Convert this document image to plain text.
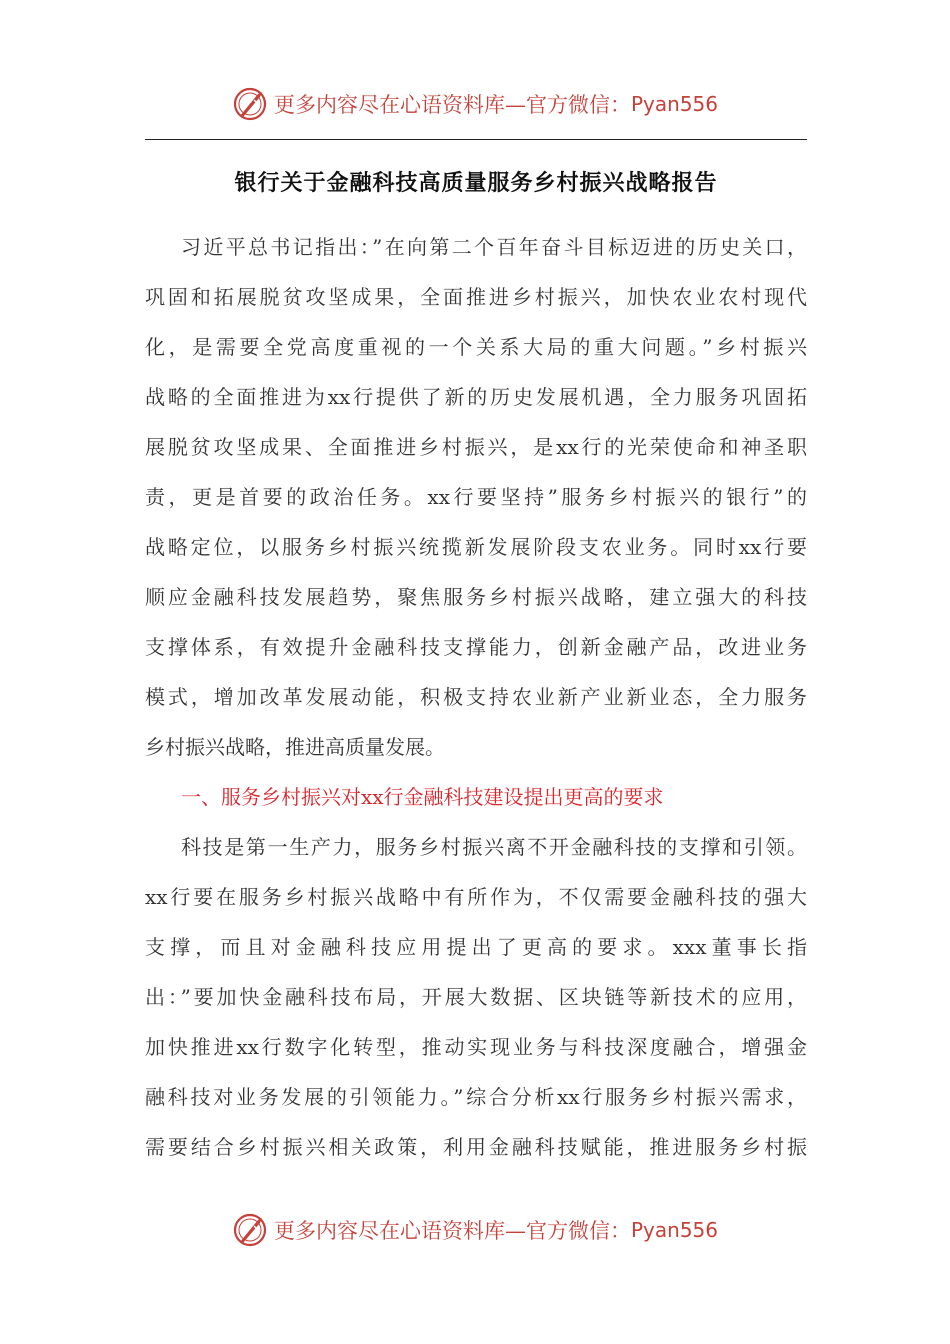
更多内容尽在心语资料库—官方微信： Pyan556
银行关于金融科技高质量服务乡村振兴战略报告
习近平总书记指出：”在向第二个百年奋斗目标迈进的历史关口，
巩固和拓展脱贫攻坚成果，全面推进乡村振兴，加快农业农村现代
化，是需要全党高度重视的一个关系大局的重大问题。”乡村振兴
战略的全面推进为xx行提供了新的历史发展机遇，全力服务巩固拓
展脱贫攻坚成果、全面推进乡村振兴，是xx行的光荣使命和神圣职
责，更是首要的政治任务。xx行要坚持”服务乡村振兴的银行”的
战略定位，以服务乡村振兴统揽新发展阶段支农业务。同时xx行要
顺应金融科技发展趋势，聚焦服务乡村振兴战略，建立强大的科技
支撑体系，有效提升金融科技支撑能力，创新金融产品，改进业务
模式，增加改革发展动能，积极支持农业新产业新业态，全力服务
乡村振兴战略，推进高质量发展。
一、服务乡村振兴对xx行金融科技建设提出更高的要求
科技是第一生产力，服务乡村振兴离不开金融科技的支撑和引领。
xx行要在服务乡村振兴战略中有所作为，不仅需要金融科技的强大
支撑，而且对金融科技应用提出了更高的要求。xxx董事长指
出：”要加快金融科技布局，开展大数据、区块链等新技术的应用，
加快推进xx行数字化转型，推动实现业务与科技深度融合，增强金
融科技对业务发展的引领能力。”综合分析xx行服务乡村振兴需求，
需要结合乡村振兴相关政策，利用金融科技赋能，推进服务乡村振
更多内容尽在心语资料库—官方微信： Pyan556
